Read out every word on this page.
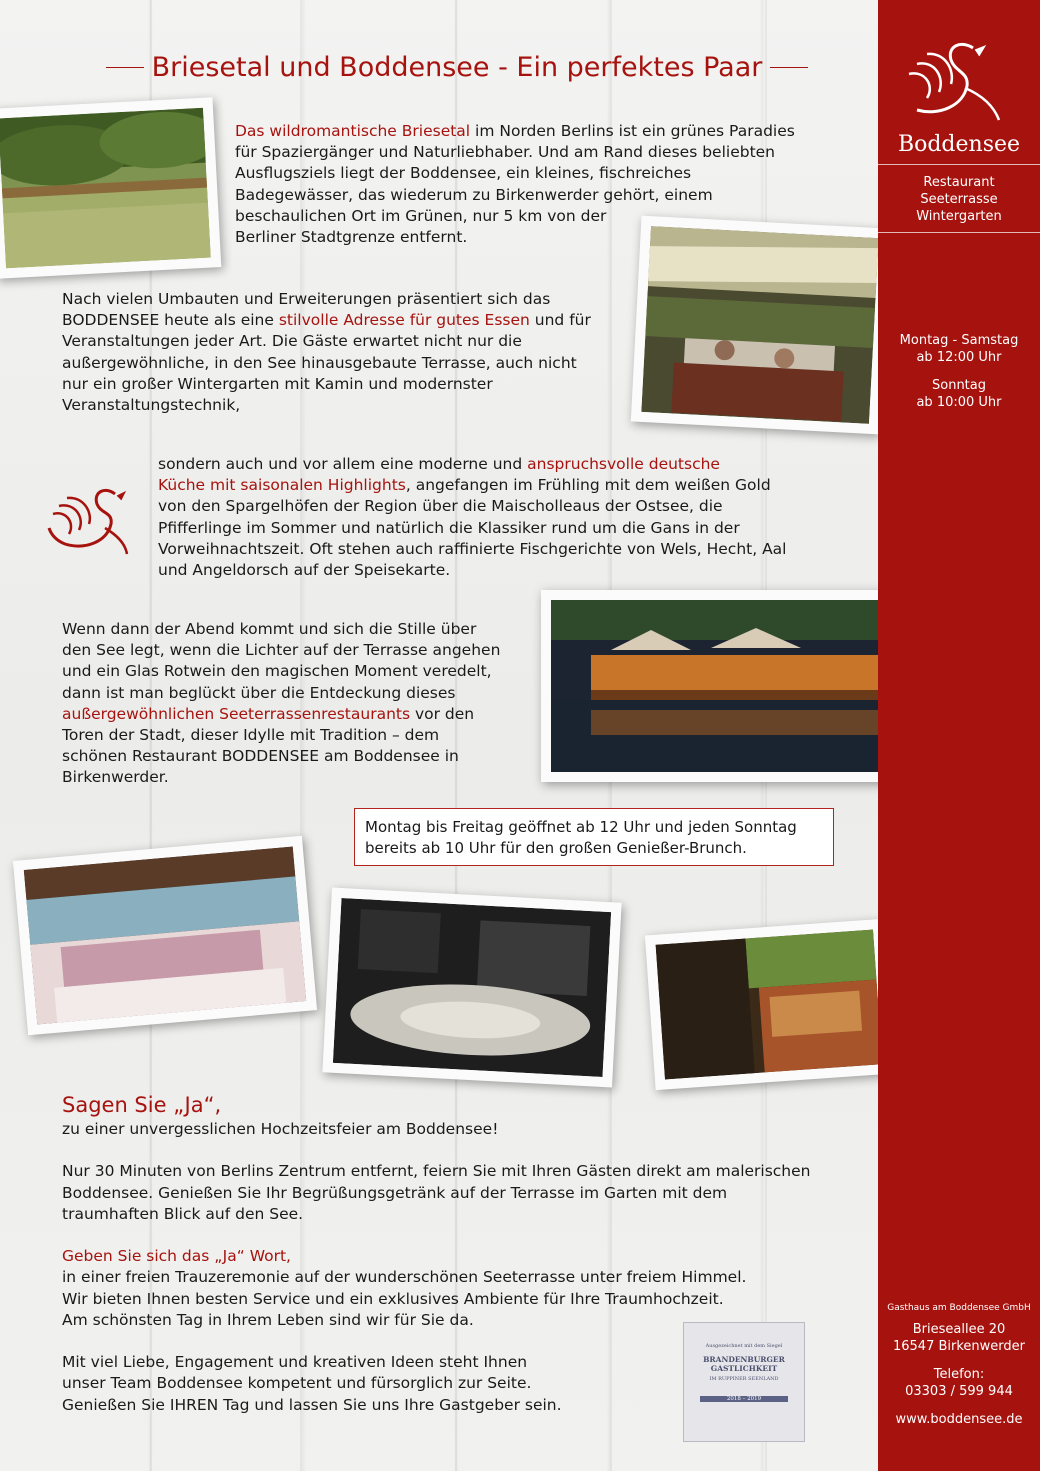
Briesetal und Boddensee - Ein perfektes Paar

Das wildromantische Briesetal im Norden Berlins ist ein grünes Paradies
für Spaziergänger und Naturliebhaber. Und am Rand dieses beliebten
Ausflugsziels liegt der Boddensee, ein kleines, fischreiches
Badegewässer, das wiederum zu Birkenwerder gehört, einem
beschaulichen Ort im Grünen, nur 5 km von der
Berliner Stadtgrenze entfernt.

Nach vielen Umbauten und Erweiterungen präsentiert sich das
BODDENSEE heute als eine stilvolle Adresse für gutes Essen und für
Veranstaltungen jeder Art. Die Gäste erwartet nicht nur die
außergewöhnliche, in den See hinausgebaute Terrasse, auch nicht
nur ein großer Wintergarten mit Kamin und modernster
Veranstaltungstechnik,

sondern auch und vor allem eine moderne und anspruchsvolle deutsche
Küche mit saisonalen Highlights, angefangen im Frühling mit dem weißen Gold
von den Spargelhöfen der Region über die Maischolleaus der Ostsee, die
Pfifferlinge im Sommer und natürlich die Klassiker rund um die Gans in der
Vorweihnachtszeit. Oft stehen auch raffinierte Fischgerichte von Wels, Hecht, Aal
und Angeldorsch auf der Speisekarte.

Wenn dann der Abend kommt und sich die Stille über
den See legt, wenn die Lichter auf der Terrasse angehen
und ein Glas Rotwein den magischen Moment veredelt,
dann ist man beglückt über die Entdeckung dieses
außergewöhnlichen Seeterrassenrestaurants vor den
Toren der Stadt, dieser Idylle mit Tradition – dem
schönen Restaurant BODDENSEE am Boddensee in
Birkenwerder.

Montag bis Freitag geöffnet ab 12 Uhr und jeden Sonntag
bereits ab 10 Uhr für den großen Genießer-Brunch.
Sagen Sie „Ja“,

zu einer unvergesslichen Hochzeitsfeier am Boddensee!

Nur 30 Minuten von Berlins Zentrum entfernt, feiern Sie mit Ihren Gästen direkt am malerischen
Boddensee. Genießen Sie Ihr Begrüßungsgetränk auf der Terrasse im Garten mit dem
traumhaften Blick auf den See.

Geben Sie sich das „Ja“ Wort,
in einer freien Trauzeremonie auf der wunderschönen Seeterrasse unter freiem Himmel.
Wir bieten Ihnen besten Service und ein exklusives Ambiente für Ihre Traumhochzeit.
Am schönsten Tag in Ihrem Leben sind wir für Sie da.

Mit viel Liebe, Engagement und kreativen Ideen steht Ihnen
unser Team Boddensee kompetent und fürsorglich zur Seite.
Genießen Sie IHREN Tag und lassen Sie uns Ihre Gastgeber sein.

Ausgezeichnet mit dem Siegel
BRANDENBURGER GASTLICHKEIT
IM RUPPINER SEENLAND
2018 – 2019
Boddensee
Restaurant
Seeterrasse
Wintergarten
Montag - Samstag
ab 12:00 Uhr
Sonntag
ab 10:00 Uhr
Gasthaus am Boddensee GmbH
Brieseallee 20
16547 Birkenwerder
Telefon:
03303 / 599 944
www.boddensee.de
